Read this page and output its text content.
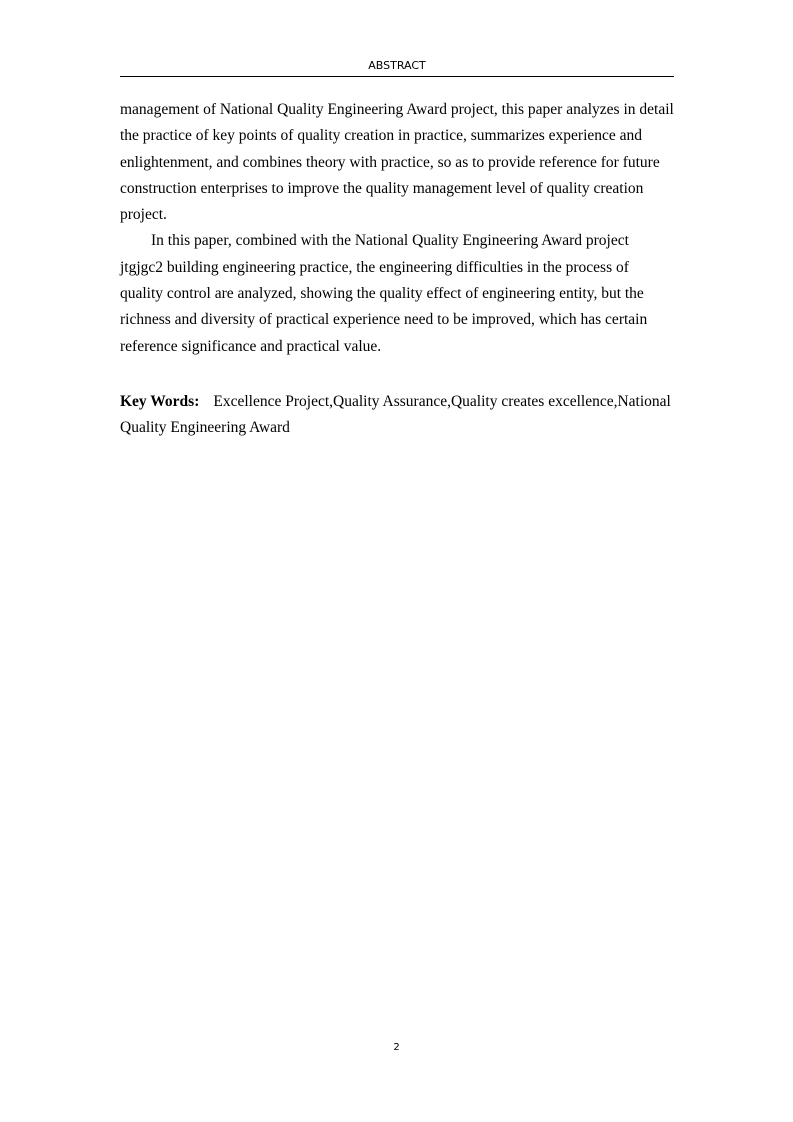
ABSTRACT

management of National Quality Engineering Award project, this paper analyzes in detail the practice of key points of quality creation in practice, summarizes experience and enlightenment, and combines theory with practice, so as to provide reference for future construction enterprises to improve the quality management level of quality creation project.

In this paper, combined with the National Quality Engineering Award project jtgjgc2 building engineering practice, the engineering difficulties in the process of quality control are analyzed, showing the quality effect of engineering entity, but the richness and diversity of practical experience need to be improved, which has certain reference significance and practical value.

Key Words: Excellence Project,Quality Assurance,Quality creates excellence,National Quality Engineering Award
2
